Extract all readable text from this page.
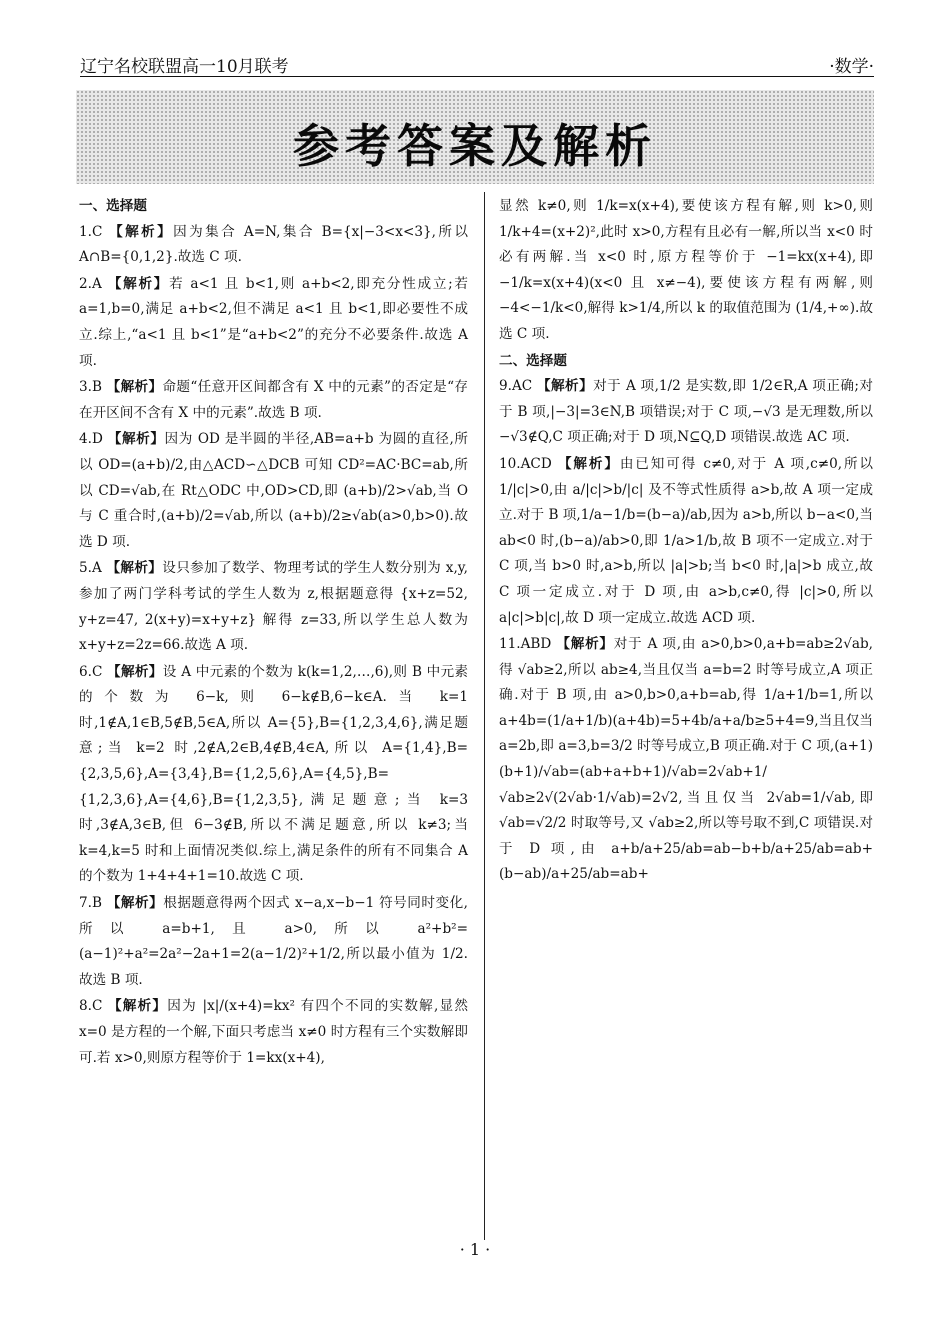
辽宁名校联盟高一10月联考	·数学·
参考答案及解析
一、选择题

1.C 【解析】因为集合 A=N,集合 B={x|−3<x<3},所以 A∩B={0,1,2}.故选 C 项.

2.A 【解析】若 a<1 且 b<1,则 a+b<2,即充分性成立;若 a=1,b=0,满足 a+b<2,但不满足 a<1 且 b<1,即必要性不成立.综上,“a<1 且 b<1”是“a+b<2”的充分不必要条件.故选 A 项.

3.B 【解析】命题“任意开区间都含有 X 中的元素”的否定是“存在开区间不含有 X 中的元素”.故选 B 项.

4.D 【解析】因为 OD 是半圆的半径,AB=a+b 为圆的直径,所以 OD=(a+b)/2,由△ACD∽△DCB 可知 CD²=AC·BC=ab,所以 CD=√ab,在 Rt△ODC 中,OD>CD,即 (a+b)/2>√ab,当 O 与 C 重合时,(a+b)/2=√ab,所以 (a+b)/2≥√ab(a>0,b>0).故选 D 项.

5.A 【解析】设只参加了数学、物理考试的学生人数分别为 x,y,参加了两门学科考试的学生人数为 z,根据题意得 {x+z=52, y+z=47, 2(x+y)=x+y+z} 解得 z=33,所以学生总人数为 x+y+z=2z=66.故选 A 项.

6.C 【解析】设 A 中元素的个数为 k(k=1,2,…,6),则 B 中元素的个数为 6−k,则 6−k∉B,6−k∈A.当 k=1 时,1∉A,1∈B,5∉B,5∈A,所以 A={5},B={1,2,3,4,6},满足题意;当 k=2 时,2∉A,2∈B,4∉B,4∈A,所以 A={1,4},B={2,3,5,6},A={3,4},B={1,2,5,6},A={4,5},B={1,2,3,6},A={4,6},B={1,2,3,5},满足题意;当 k=3 时,3∉A,3∈B,但 6−3∉B,所以不满足题意,所以 k≠3;当 k=4,k=5 时和上面情况类似.综上,满足条件的所有不同集合 A 的个数为 1+4+4+1=10.故选 C 项.

7.B 【解析】根据题意得两个因式 x−a,x−b−1 符号同时变化,所以 a=b+1,且 a>0,所以 a²+b²=(a−1)²+a²=2a²−2a+1=2(a−1/2)²+1/2,所以最小值为 1/2.故选 B 项.

8.C 【解析】因为 |x|/(x+4)=kx² 有四个不同的实数解,显然 x=0 是方程的一个解,下面只考虑当 x≠0 时方程有三个实数解即可.若 x>0,则原方程等价于 1=kx(x+4),

显然 k≠0,则 1/k=x(x+4),要使该方程有解,则 k>0,则 1/k+4=(x+2)²,此时 x>0,方程有且必有一解,所以当 x<0 时必有两解.当 x<0 时,原方程等价于 −1=kx(x+4),即 −1/k=x(x+4)(x<0 且 x≠−4),要使该方程有两解,则 −4<−1/k<0,解得 k>1/4,所以 k 的取值范围为 (1/4,+∞).故选 C 项.

二、选择题

9.AC 【解析】对于 A 项,1/2 是实数,即 1/2∈R,A 项正确;对于 B 项,|−3|=3∈N,B 项错误;对于 C 项,−√3 是无理数,所以 −√3∉Q,C 项正确;对于 D 项,N⊆Q,D 项错误.故选 AC 项.

10.ACD 【解析】由已知可得 c≠0,对于 A 项,c≠0,所以 1/|c|>0,由 a/|c|>b/|c| 及不等式性质得 a>b,故 A 项一定成立.对于 B 项,1/a−1/b=(b−a)/ab,因为 a>b,所以 b−a<0,当 ab<0 时,(b−a)/ab>0,即 1/a>1/b,故 B 项不一定成立.对于 C 项,当 b>0 时,a>b,所以 |a|>b;当 b<0 时,|a|>b 成立,故 C 项一定成立.对于 D 项,由 a>b,c≠0,得 |c|>0,所以 a|c|>b|c|,故 D 项一定成立.故选 ACD 项.

11.ABD 【解析】对于 A 项,由 a>0,b>0,a+b=ab≥2√ab,得 √ab≥2,所以 ab≥4,当且仅当 a=b=2 时等号成立,A 项正确.对于 B 项,由 a>0,b>0,a+b=ab,得 1/a+1/b=1,所以 a+4b=(1/a+1/b)(a+4b)=5+4b/a+a/b≥5+4=9,当且仅当 a=2b,即 a=3,b=3/2 时等号成立,B 项正确.对于 C 项,(a+1)(b+1)/√ab=(ab+a+b+1)/√ab=2√ab+1/√ab≥2√(2√ab·1/√ab)=2√2,当且仅当 2√ab=1/√ab,即 √ab=√2/2 时取等号,又 √ab≥2,所以等号取不到,C 项错误.对于 D 项,由 a+b/a+25/ab=ab−b+b/a+25/ab=ab+(b−ab)/a+25/ab=ab+

· 1 ·
